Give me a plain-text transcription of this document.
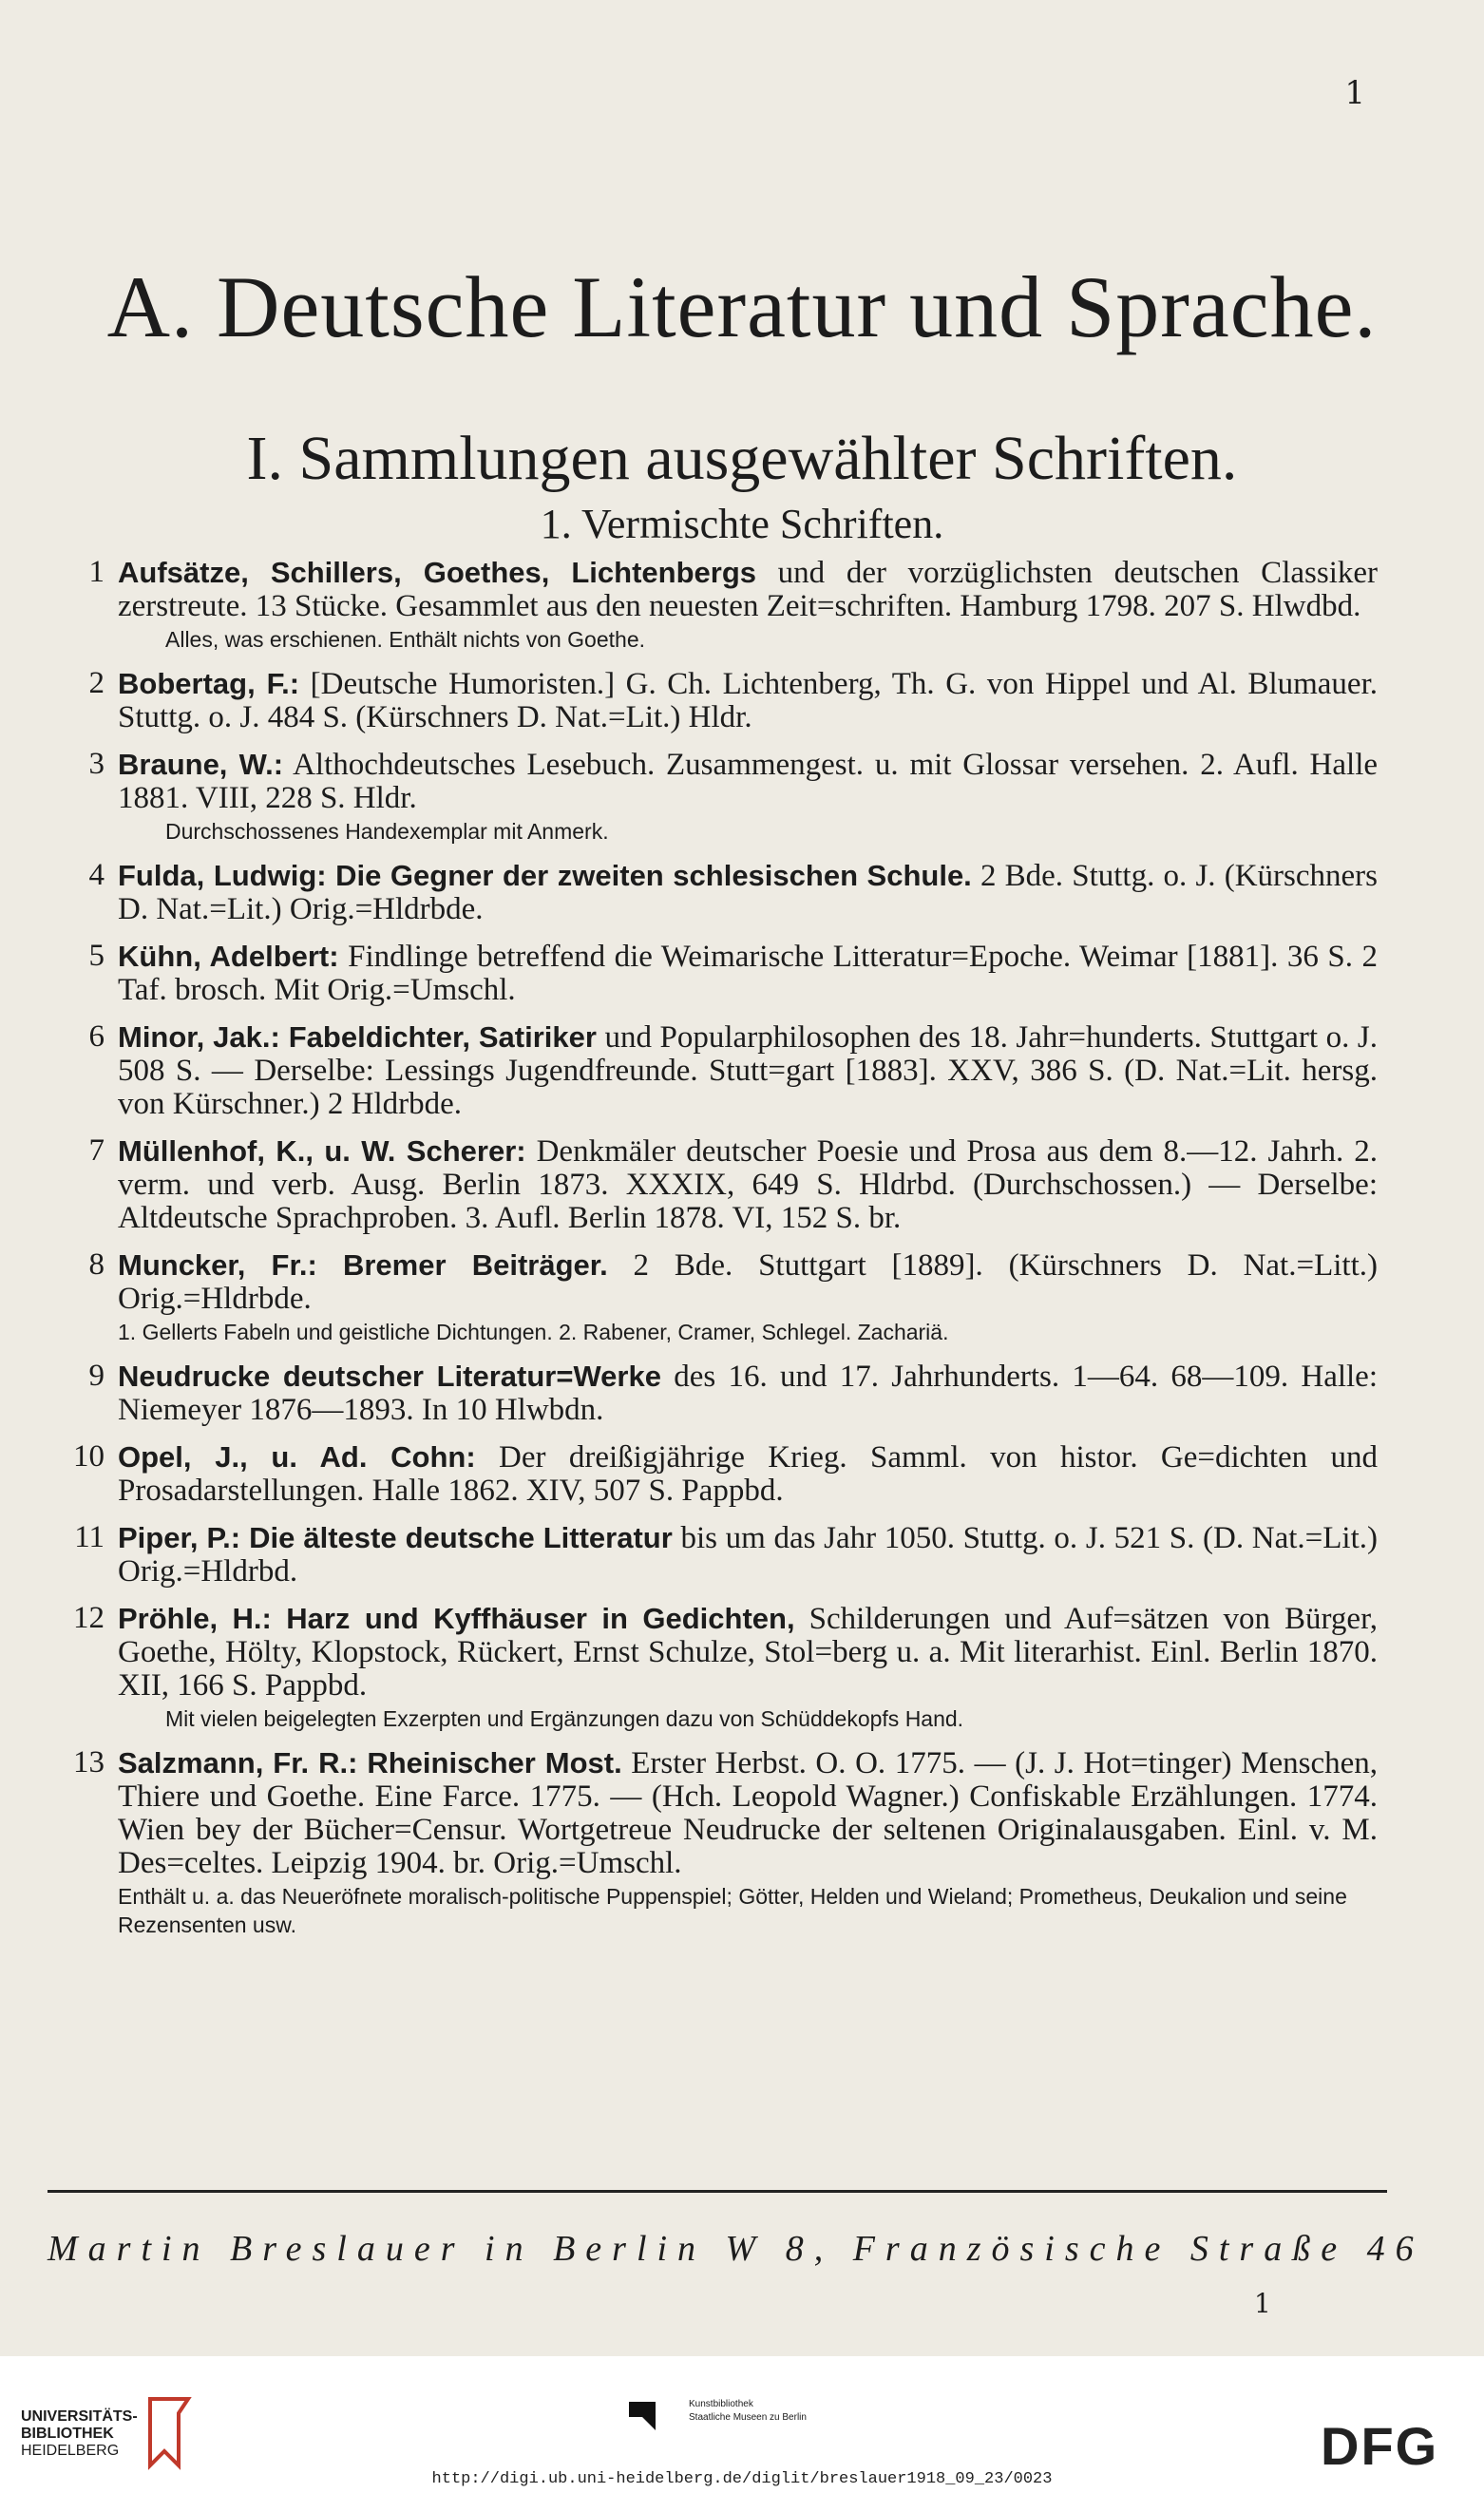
1
A. Deutsche Literatur und Sprache.
I. Sammlungen ausgewählter Schriften.
1. Vermischte Schriften.
1 Aufsätze, Schillers, Goethes, Lichtenbergs und der vorzüglichsten deutschen Classiker zerstreute. 13 Stücke. Gesammlet aus den neuesten Zeit=schriften. Hamburg 1798. 207 S. Hlwdbd.
Alles, was erschienen. Enthält nichts von Goethe.
2 Bobertag, F.: [Deutsche Humoristen.] G. Ch. Lichtenberg, Th. G. von Hippel und Al. Blumauer. Stuttg. o. J. 484 S. (Kürschners D. Nat.=Lit.) Hldr.
3 Braune, W.: Althochdeutsches Lesebuch. Zusammengest. u. mit Glossar versehen. 2. Aufl. Halle 1881. VIII, 228 S. Hldr.
Durchschossenes Handexemplar mit Anmerk.
4 Fulda, Ludwig: Die Gegner der zweiten schlesischen Schule. 2 Bde. Stuttg. o. J. (Kürschners D. Nat.=Lit.) Orig.=Hldrbde.
5 Kühn, Adelbert: Findlinge betreffend die Weimarische Litteratur=Epoche. Weimar [1881]. 36 S. 2 Taf. brosch. Mit Orig.=Umschl.
6 Minor, Jak.: Fabeldichter, Satiriker und Popularphilosophen des 18. Jahr=hunderts. Stuttgart o. J. 508 S. — Derselbe: Lessings Jugendfreunde. Stutt=gart [1883]. XXV, 386 S. (D. Nat.=Lit. hersg. von Kürschner.) 2 Hldrbde.
7 Müllenhof, K., u. W. Scherer: Denkmäler deutscher Poesie und Prosa aus dem 8.—12. Jahrh. 2. verm. und verb. Ausg. Berlin 1873. XXXIX, 649 S. Hldrbd. (Durchschossen.) — Derselbe: Altdeutsche Sprachproben. 3. Aufl. Berlin 1878. VI, 152 S. br.
8 Muncker, Fr.: Bremer Beiträger. 2 Bde. Stuttgart [1889]. (Kürschners D. Nat.=Litt.) Orig.=Hldrbde.
1. Gellerts Fabeln und geistliche Dichtungen. 2. Rabener, Cramer, Schlegel. Zachariä.
9 Neudrucke deutscher Literatur=Werke des 16. und 17. Jahrhunderts. 1—64. 68—109. Halle: Niemeyer 1876—1893. In 10 Hlwbdn.
10 Opel, J., u. Ad. Cohn: Der dreißigjährige Krieg. Samml. von histor. Ge=dichten und Prosadarstellungen. Halle 1862. XIV, 507 S. Pappbd.
11 Piper, P.: Die älteste deutsche Litteratur bis um das Jahr 1050. Stuttg. o. J. 521 S. (D. Nat.=Lit.) Orig.=Hldrbd.
12 Pröhle, H.: Harz und Kyffhäuser in Gedichten, Schilderungen und Auf=sätzen von Bürger, Goethe, Hölty, Klopstock, Rückert, Ernst Schulze, Stol=berg u. a. Mit literarhist. Einl. Berlin 1870. XII, 166 S. Pappbd.
Mit vielen beigelegten Exzerpten und Ergänzungen dazu von Schüddekopfs Hand.
13 Salzmann, Fr. R.: Rheinischer Most. Erster Herbst. O. O. 1775. — (J. J. Hot=tinger) Menschen, Thiere und Goethe. Eine Farce. 1775. — (Hch. Leopold Wagner.) Confiskable Erzählungen. 1774. Wien bey der Bücher=Censur. Wortgetreue Neudrucke der seltenen Originalausgaben. Einl. v. M. Des=celtes. Leipzig 1904. br. Orig.=Umschl.
Enthält u. a. das Neueröfnete moralisch-politische Puppenspiel; Götter, Helden und Wieland; Prometheus, Deukalion und seine Rezensenten usw.
Martin Breslauer in Berlin W 8, Französische Straße 46
1
UNIVERSITÄTS-
BIBLIOTHEK
HEIDELBERG
Kunstbibliothek
Staatliche Museen zu Berlin	DFG
http://digi.ub.uni-heidelberg.de/diglit/breslauer1918_09_23/0023
